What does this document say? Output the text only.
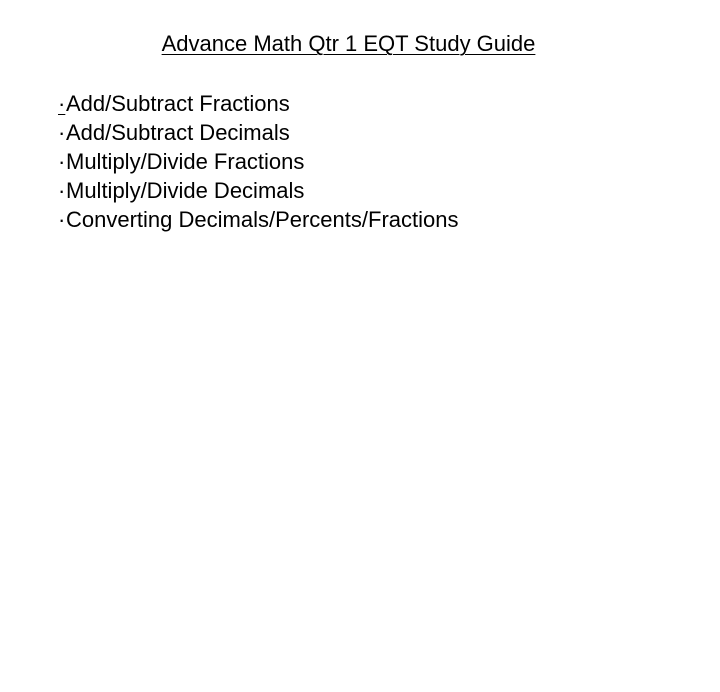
Advance Math Qtr 1 EQT Study Guide
· Add/Subtract Fractions
· Add/Subtract Decimals
· Multiply/Divide Fractions
· Multiply/Divide Decimals
· Converting Decimals/Percents/Fractions
